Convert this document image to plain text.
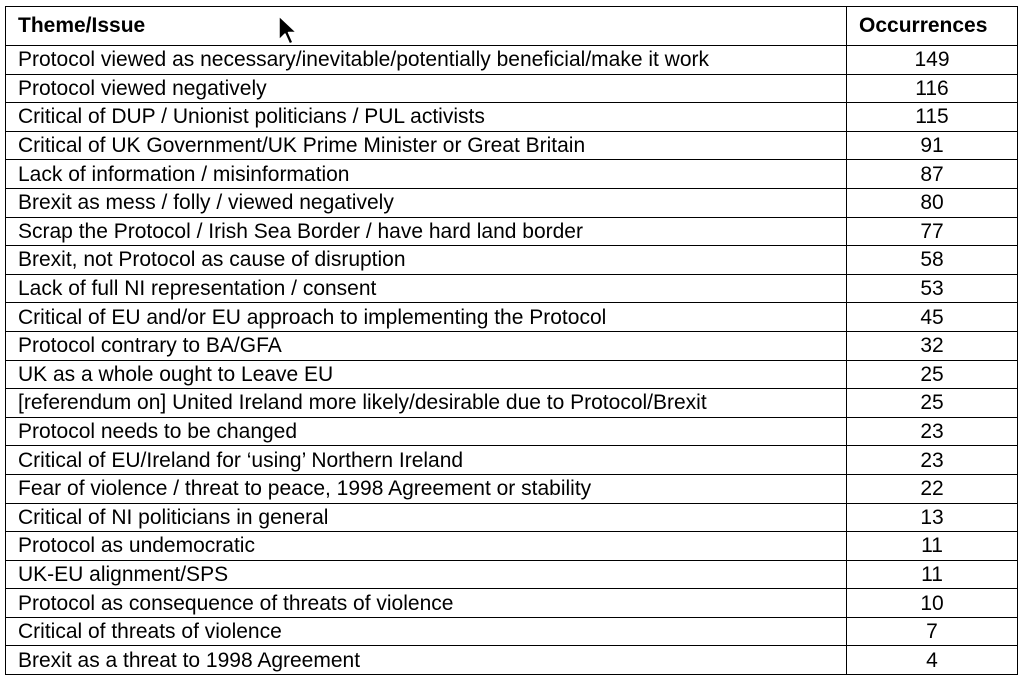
Theme/Issue	Occurrences
Protocol viewed as necessary/inevitable/potentially beneficial/make it work	149
Protocol viewed negatively	116
Critical of DUP / Unionist politicians / PUL activists	115
Critical of UK Government/UK Prime Minister or Great Britain	91
Lack of information / misinformation	87
Brexit as mess / folly / viewed negatively	80
Scrap the Protocol / Irish Sea Border / have hard land border	77
Brexit, not Protocol as cause of disruption	58
Lack of full NI representation / consent	53
Critical of EU and/or EU approach to implementing the Protocol	45
Protocol contrary to BA/GFA	32
UK as a whole ought to Leave EU	25
[referendum on] United Ireland more likely/desirable due to Protocol/Brexit	25
Protocol needs to be changed	23
Critical of EU/Ireland for ‘using’ Northern Ireland	23
Fear of violence / threat to peace, 1998 Agreement or stability	22
Critical of NI politicians in general	13
Protocol as undemocratic	11
UK-EU alignment/SPS	11
Protocol as consequence of threats of violence	10
Critical of threats of violence	7
Brexit as a threat to 1998 Agreement	4
